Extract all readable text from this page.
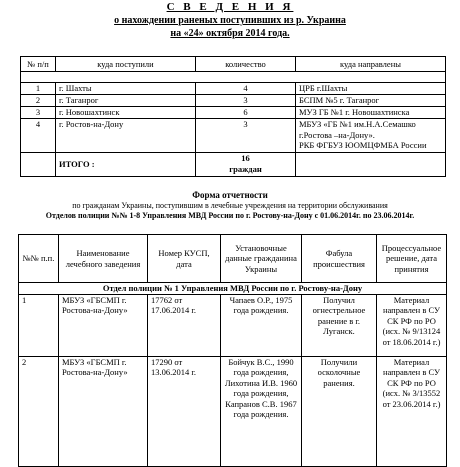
С В Е Д Е Н И Я
о нахождении раненых поступивших из р. Украина
на «24» октября 2014 года.
№ п/п	куда поступили	количество	куда направлены

1	г. Шахты	4	ЦРБ г.Шахты
2	г. Таганрог	3	БСПМ №5 г. Таганрог
3	г. Новошахтинск	6	МУЗ ГБ №1 г. Новошахтинска
4	г. Ростов-на-Дону	3	МБУЗ «ГБ №1 им.Н.А.Семашко г.Ростова –на-Дону».
РКБ ФГБУЗ ЮОМЦФМБА России

	ИТОГО :	16
граждан	

Форма отчетности
по гражданам Украины, поступившим в лечебные учреждения на территории обслуживания
Отделов полиции №№ 1-8 Управления МВД России по г. Ростову-на-Дону с 01.06.2014г. по 23.06.2014г.
№№ п.п.	Наименование лечебного заведения	Номер КУСП, дата	Установочные данные гражданина Украины	Фабула происшествия	Процессуальное решение, дата принятия
Отдел полиции № 1 Управления МВД России по г. Ростову-на-Дону					
1	МБУЗ «ГБСМП г. Ростова-на-Дону»	17762 от 17.06.2014 г.	Чапаев О.Р., 1975 года рождения.	Получил огнестрельное ранение в г. Луганск.	Материал направлен в СУ СК РФ по РО (исх. № 9/13124 от 18.06.2014 г.)
2	МБУЗ «ГБСМП г. Ростова-на-Дону»	17290 от 13.06.2014 г.	Бойчук В.С., 1990 года рождения, Лихотина И.В. 1960 года рождения, Капранов С.В. 1967 года рождения.	Получили осколочные ранения.	Материал направлен в СУ СК РФ по РО (исх. № 3/13552 от 23.06.2014 г.)
